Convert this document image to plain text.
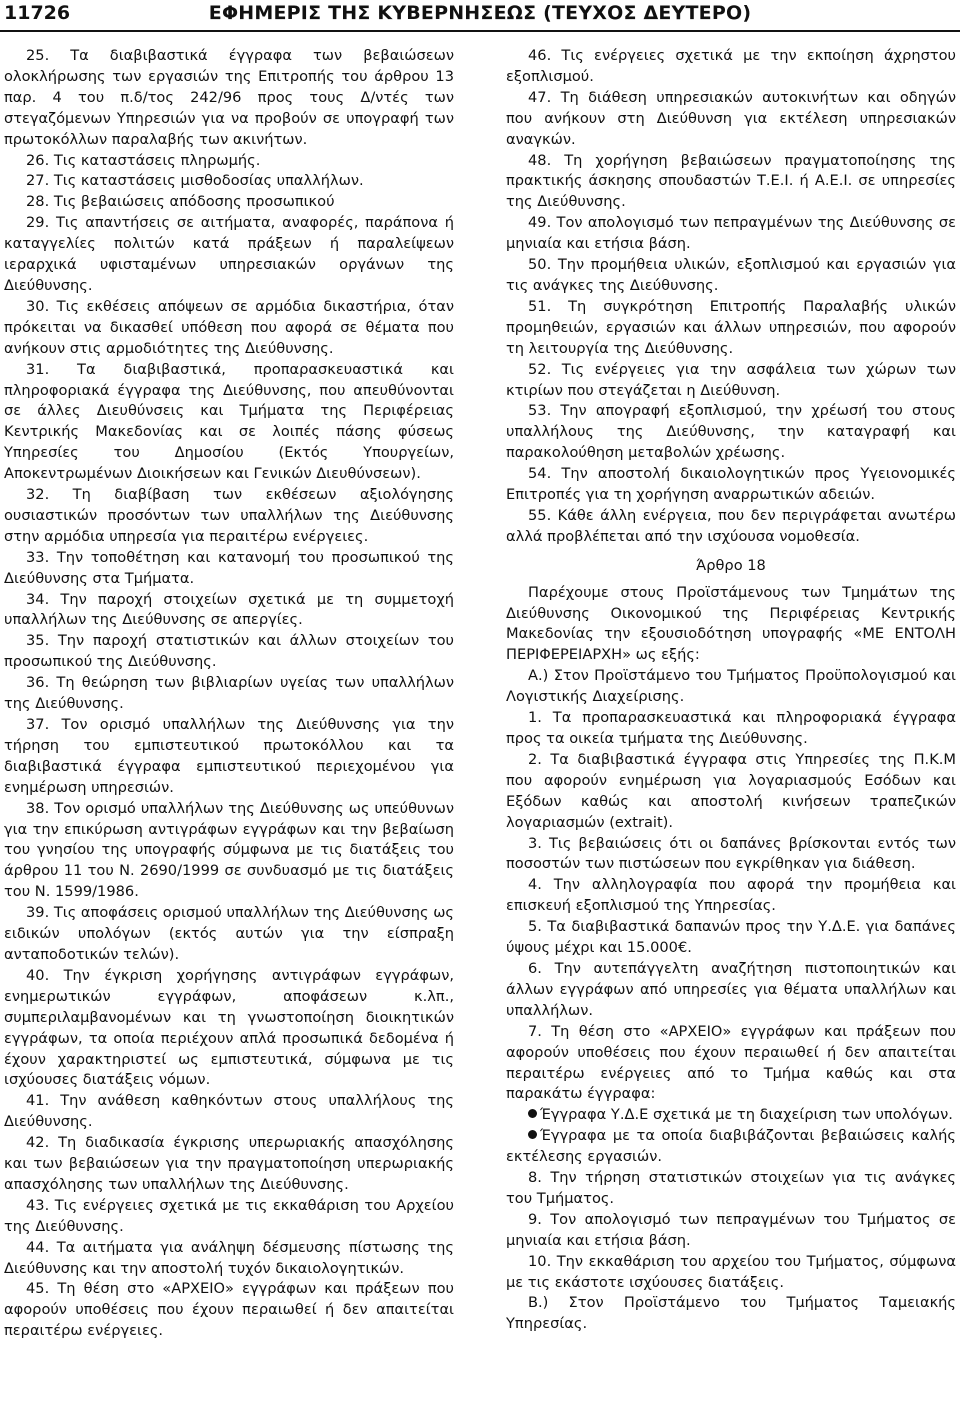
11726	ΕΦΗΜΕΡΙΣ ΤΗΣ ΚΥΒΕΡΝΗΣΕΩΣ (ΤΕΥΧΟΣ ΔΕΥΤΕΡΟ)

25. Τα διαβιβαστικά έγγραφα των βεβαιώσεων ολοκλήρωσης των εργασιών της Επιτροπής του άρθρου 13 παρ. 4 του π.δ/τος 242/96 προς τους Δ/ντές των στεγαζόμενων Υπηρεσιών για να προβούν σε υπογραφή των πρωτοκόλλων παραλαβής των ακινήτων.

26. Τις καταστάσεις πληρωμής.

27. Τις καταστάσεις μισθοδοσίας υπαλλήλων.

28. Τις βεβαιώσεις απόδοσης προσωπικού

29. Τις απαντήσεις σε αιτήματα, αναφορές, παράπονα ή καταγγελίες πολιτών κατά πράξεων ή παραλείψεων ιεραρχικά υφισταμένων υπηρεσιακών οργάνων της Διεύθυνσης.

30. Τις εκθέσεις απόψεων σε αρμόδια δικαστήρια, όταν πρόκειται να δικασθεί υπόθεση που αφορά σε θέματα που ανήκουν στις αρμοδιότητες της Διεύθυνσης.

31. Τα διαβιβαστικά, προπαρασκευαστικά και πληροφοριακά έγγραφα της Διεύθυνσης, που απευθύνονται σε άλλες Διευθύνσεις και Τμήματα της Περιφέρειας Κεντρικής Μακεδονίας και σε λοιπές πάσης φύσεως Υπηρεσίες του Δημοσίου (Εκτός Υπουργείων, Αποκεντρωμένων Διοικήσεων και Γενικών Διευθύνσεων).

32. Τη διαβίβαση των εκθέσεων αξιολόγησης ουσιαστικών προσόντων των υπαλλήλων της Διεύθυνσης στην αρμόδια υπηρεσία για περαιτέρω ενέργειες.

33. Την τοποθέτηση και κατανομή του προσωπικού της Διεύθυνσης στα Τμήματα.

34. Την παροχή στοιχείων σχετικά με τη συμμετοχή υπαλλήλων της Διεύθυνσης σε απεργίες.

35. Την παροχή στατιστικών και άλλων στοιχείων του προσωπικού της Διεύθυνσης.

36. Τη θεώρηση των βιβλιαρίων υγείας των υπαλλήλων της Διεύθυνσης.

37. Τον ορισμό υπαλλήλων της Διεύθυνσης για την τήρηση του εμπιστευτικού πρωτοκόλλου και τα διαβιβαστικά έγγραφα εμπιστευτικού περιεχομένου για ενημέρωση υπηρεσιών.

38. Τον ορισμό υπαλλήλων της Διεύθυνσης ως υπεύθυνων για την επικύρωση αντιγράφων εγγράφων και την βεβαίωση του γνησίου της υπογραφής σύμφωνα με τις διατάξεις του άρθρου 11 του Ν. 2690/1999 σε συνδυασμό με τις διατάξεις του Ν. 1599/1986.

39. Τις αποφάσεις ορισμού υπαλλήλων της Διεύθυνσης ως ειδικών υπολόγων (εκτός αυτών για την είσπραξη ανταποδοτικών τελών).

40. Την έγκριση χορήγησης αντιγράφων εγγράφων, ενημερωτικών εγγράφων, αποφάσεων κ.λπ., συμπεριλαμβανομένων και τη γνωστοποίηση διοικητικών εγγράφων, τα οποία περιέχουν απλά προσωπικά δεδομένα ή έχουν χαρακτηριστεί ως εμπιστευτικά, σύμφωνα με τις ισχύουσες διατάξεις νόμων.

41. Την ανάθεση καθηκόντων στους υπαλλήλους της Διεύθυνσης.

42. Τη διαδικασία έγκρισης υπερωριακής απασχόλησης και των βεβαιώσεων για την πραγματοποίηση υπερωριακής απασχόλησης των υπαλλήλων της Διεύθυνσης.

43. Τις ενέργειες σχετικά με τις εκκαθάριση του Αρχείου της Διεύθυνσης.

44. Τα αιτήματα για ανάληψη δέσμευσης πίστωσης της Διεύθυνσης και την αποστολή τυχόν δικαιολογητικών.

45. Τη θέση στο «ΑΡΧΕΙΟ» εγγράφων και πράξεων που αφορούν υποθέσεις που έχουν περαιωθεί ή δεν απαιτείται περαιτέρω ενέργειες.

46. Τις ενέργειες σχετικά με την εκποίηση άχρηστου εξοπλισμού.

47. Τη διάθεση υπηρεσιακών αυτοκινήτων και οδηγών που ανήκουν στη Διεύθυνση για εκτέλεση υπηρεσιακών αναγκών.

48. Τη χορήγηση βεβαιώσεων πραγματοποίησης της πρακτικής άσκησης σπουδαστών Τ.Ε.Ι. ή Α.Ε.Ι. σε υπηρεσίες της Διεύθυνσης.

49. Τον απολογισμό των πεπραγμένων της Διεύθυνσης σε μηνιαία και ετήσια βάση.

50. Την προμήθεια υλικών, εξοπλισμού και εργασιών για τις ανάγκες της Διεύθυνσης.

51. Τη συγκρότηση Επιτροπής Παραλαβής υλικών προμηθειών, εργασιών και άλλων υπηρεσιών, που αφορούν τη λειτουργία της Διεύθυνσης.

52. Τις ενέργειες για την ασφάλεια των χώρων των κτιρίων που στεγάζεται η Διεύθυνση.

53. Την απογραφή εξοπλισμού, την χρέωσή του στους υπαλλήλους της Διεύθυνσης, την καταγραφή και παρακολούθηση μεταβολών χρέωσης.

54. Την αποστολή δικαιολογητικών προς Υγειονομικές Επιτροπές για τη χορήγηση αναρρωτικών αδειών.

55. Κάθε άλλη ενέργεια, που δεν περιγράφεται ανωτέρω αλλά προβλέπεται από την ισχύουσα νομοθεσία.

Άρθρο 18

Παρέχουμε στους Προϊστάμενους των Τμημάτων της Διεύθυνσης Οικονομικού της Περιφέρειας Κεντρικής Μακεδονίας την εξουσιοδότηση υπογραφής «ΜΕ ΕΝΤΟΛΗ ΠΕΡΙΦΕΡΕΙΑΡΧΗ» ως εξής:

Α.) Στον Προϊστάμενο του Τμήματος Προϋπολογισμού και Λογιστικής Διαχείρισης.

1. Τα προπαρασκευαστικά και πληροφοριακά έγγραφα προς τα οικεία τμήματα της Διεύθυνσης.

2. Τα διαβιβαστικά έγγραφα στις Υπηρεσίες της Π.Κ.Μ που αφορούν ενημέρωση για λογαριασμούς Εσόδων και Εξόδων καθώς και αποστολή κινήσεων τραπεζικών λογαριασμών (extrait).

3. Τις βεβαιώσεις ότι οι δαπάνες βρίσκονται εντός των ποσοστών των πιστώσεων που εγκρίθηκαν για διάθεση.

4. Την αλληλογραφία που αφορά την προμήθεια και επισκευή εξοπλισμού της Υπηρεσίας.

5. Τα διαβιβαστικά δαπανών προς την Υ.Δ.Ε. για δαπάνες ύψους μέχρι και 15.000€.

6. Την αυτεπάγγελτη αναζήτηση πιστοποιητικών και άλλων εγγράφων από υπηρεσίες για θέματα υπαλλήλων και υπαλλήλων.

7. Τη θέση στο «ΑΡΧΕΙΟ» εγγράφων και πράξεων που αφορούν υποθέσεις που έχουν περαιωθεί ή δεν απαιτείται περαιτέρω ενέργειες από το Τμήμα καθώς και στα παρακάτω έγγραφα:

Έγγραφα Υ.Δ.Ε σχετικά με τη διαχείριση των υπολόγων.

Έγγραφα με τα οποία διαβιβάζονται βεβαιώσεις καλής εκτέλεσης εργασιών.

8. Την τήρηση στατιστικών στοιχείων για τις ανάγκες του Τμήματος.

9. Τον απολογισμό των πεπραγμένων του Τμήματος σε μηνιαία και ετήσια βάση.

10. Την εκκαθάριση του αρχείου του Τμήματος, σύμφωνα με τις εκάστοτε ισχύουσες διατάξεις.

Β.) Στον Προϊστάμενο του Τμήματος Ταμειακής Υπηρεσίας.
